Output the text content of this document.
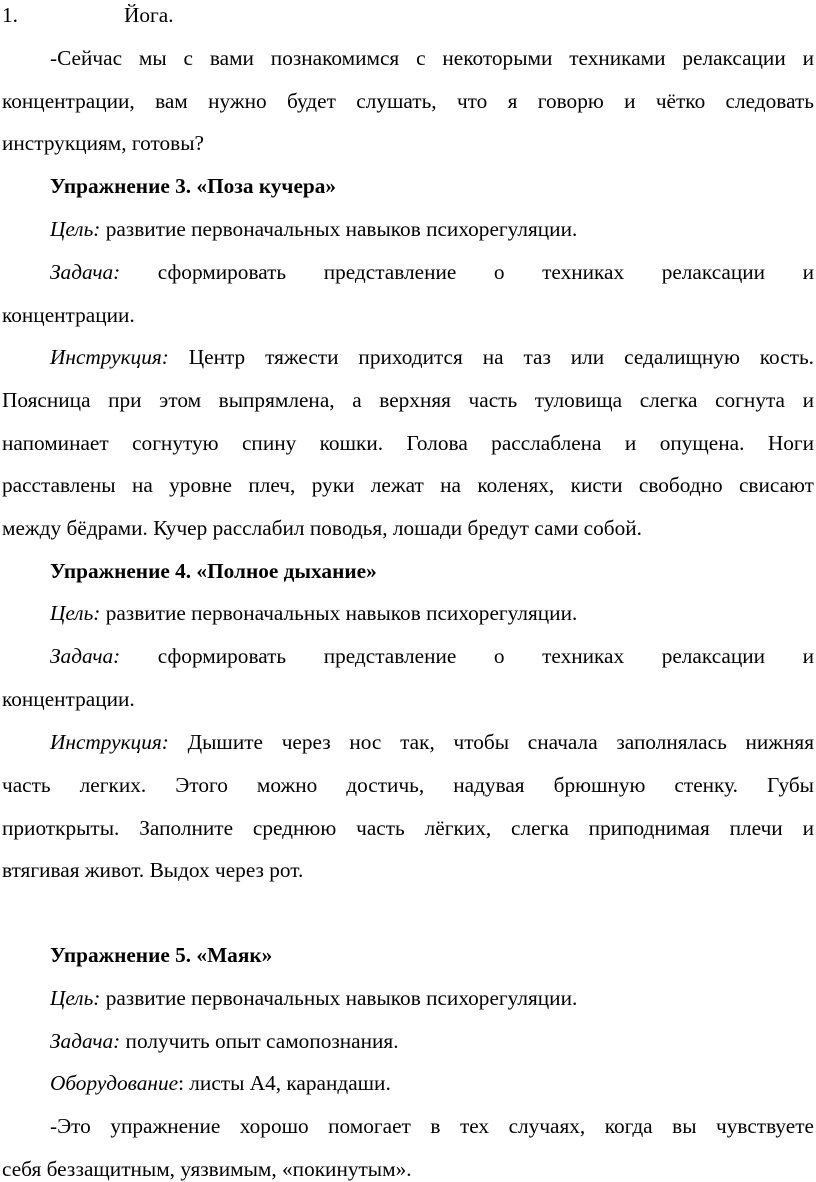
1.	Йога.
-Сейчас мы с вами познакомимся с некоторыми техниками релаксации и
концентрации, вам нужно будет слушать, что я говорю и чётко следовать
инструкциям, готовы?
Упражнение 3. «Поза кучера»
Цель: развитие первоначальных навыков психорегуляции.
Задача: сформировать представление о техниках релаксации и
концентрации.
Инструкция: Центр тяжести приходится на таз или седалищную кость.
Поясница при этом выпрямлена, а верхняя часть туловища слегка согнута и
напоминает согнутую спину кошки. Голова расслаблена и опущена. Ноги
расставлены на уровне плеч, руки лежат на коленях, кисти свободно свисают
между бёдрами. Кучер расслабил поводья, лошади бредут сами собой.
Упражнение 4. «Полное дыхание»
Цель: развитие первоначальных навыков психорегуляции.
Задача: сформировать представление о техниках релаксации и
концентрации.
Инструкция: Дышите через нос так, чтобы сначала заполнялась нижняя
часть легких. Этого можно достичь, надувая брюшную стенку. Губы
приоткрыты. Заполните среднюю часть лёгких, слегка приподнимая плечи и
втягивая живот. Выдох через рот.
Упражнение 5. «Маяк»
Цель: развитие первоначальных навыков психорегуляции.
Задача: получить опыт самопознания.
Оборудование: листы А4, карандаши.
-Это упражнение хорошо помогает в тех случаях, когда вы чувствуете
себя беззащитным, уязвимым, «покинутым».
